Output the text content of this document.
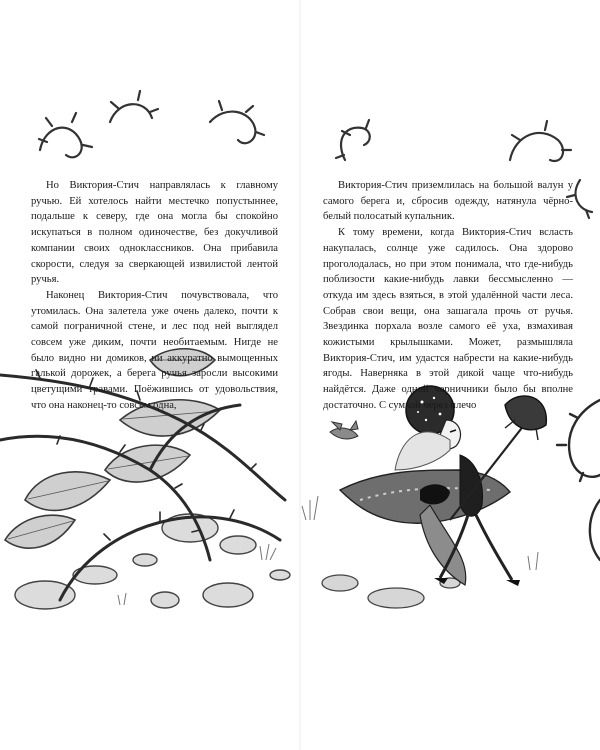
Но Виктория-Стич направлялась к главному ручью. Ей хотелось найти местечко попустыннее, подальше к северу, где она могла бы спокойно искупаться в полном одиночестве, без докучливой компании своих одноклассников. Она прибавила скорости, следуя за сверкающей извилистой лентой ручья.

Наконец Виктория-Стич почувствовала, что утомилась. Она залетела уже очень далеко, почти к самой пограничной стене, и лес под ней выглядел совсем уже диким, почти необитаемым. Нигде не было видно ни домиков, ни аккуратно вымощенных галькой дорожек, а берега ручья заросли высокими цветущими травами. Поёжившись от удовольствия, что она наконец-то совсем одна,

Виктория-Стич приземлилась на большой валун у самого берега и, сбросив одежду, натянула чёрно-белый полосатый купальник.

К тому времени, когда Виктория-Стич всласть накупалась, солнце уже садилось. Она здорово проголодалась, но при этом понимала, что где-нибудь поблизости какие-нибудь лавки бессмысленно — откуда им здесь взяться, в этой удалённой части леса. Собрав свои вещи, она зашагала прочь от ручья. Звездинка порхала возле самого её уха, взмахивая кожистыми крылышками. Может, размышляла Виктория-Стич, им удастся набрести на какие-нибудь ягоды. Наверняка в этой дикой чаще что-нибудь найдётся. Даже одной черничники было бы вполне достаточно. С сумкой через плечо
